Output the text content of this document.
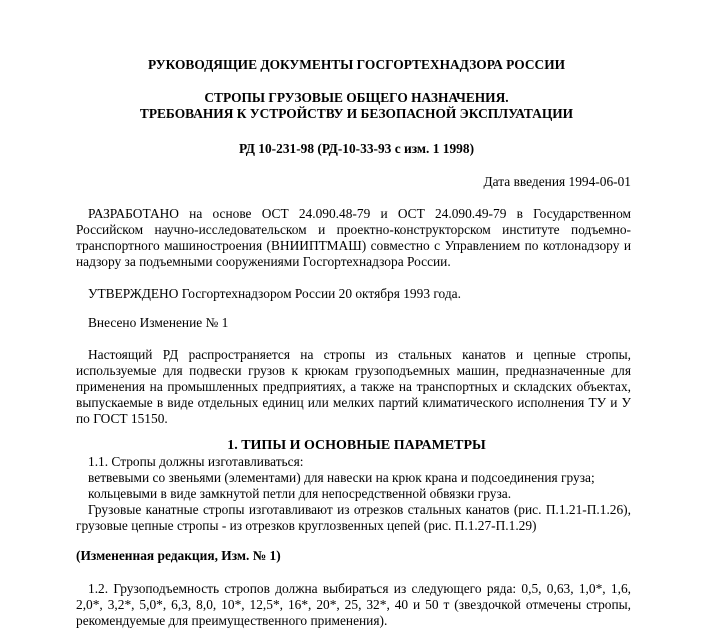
РУКОВОДЯЩИЕ ДОКУМЕНТЫ ГОСГОРТЕХНАДЗОРА РОССИИ

СТРОПЫ ГРУЗОВЫЕ ОБЩЕГО НАЗНАЧЕНИЯ.

ТРЕБОВАНИЯ К УСТРОЙСТВУ И БЕЗОПАСНОЙ ЭКСПЛУАТАЦИИ

РД 10-231-98 (РД-10-33-93 с изм. 1 1998)

Дата введения 1994-06-01

РАЗРАБОТАНО на основе ОСТ 24.090.48-79 и ОСТ 24.090.49-79 в Государственном

Российском научно-исследовательском и проектно-конструкторском институте подъемно-

транспортного машиностроения (ВНИИПТМАШ) совместно с Управлением по котлонадзору и

надзору за подъемными сооружениями Госгортехнадзора России.

УТВЕРЖДЕНО Госгортехнадзором России 20 октября 1993 года.

Внесено Изменение № 1

Настоящий РД распространяется на стропы из стальных канатов и цепные стропы,

используемые для подвески грузов к крюкам грузоподъемных машин, предназначенные для

применения на промышленных предприятиях, а также на транспортных и складских объектах,

выпускаемые в виде отдельных единиц или мелких партий климатического исполнения ТУ и У

по ГОСТ 15150.

1. ТИПЫ И ОСНОВНЫЕ ПАРАМЕТРЫ

1.1. Стропы должны изготавливаться:

ветвевыми со звеньями (элементами) для навески на крюк крана и подсоединения груза;

кольцевыми в виде замкнутой петли для непосредственной обвязки груза.

Грузовые канатные стропы изготавливают из отрезков стальных канатов (рис. П.1.21-П.1.26),

грузовые цепные стропы - из отрезков круглозвенных цепей (рис. П.1.27-П.1.29)

(Измененная редакция, Изм. № 1)

1.2. Грузоподъемность стропов должна выбираться из следующего ряда: 0,5, 0,63, 1,0*, 1,6,

2,0*, 3,2*, 5,0*, 6,3, 8,0, 10*, 12,5*, 16*, 20*, 25, 32*, 40 и 50 т (звездочкой отмечены стропы,

рекомендуемые для преимущественного применения).
